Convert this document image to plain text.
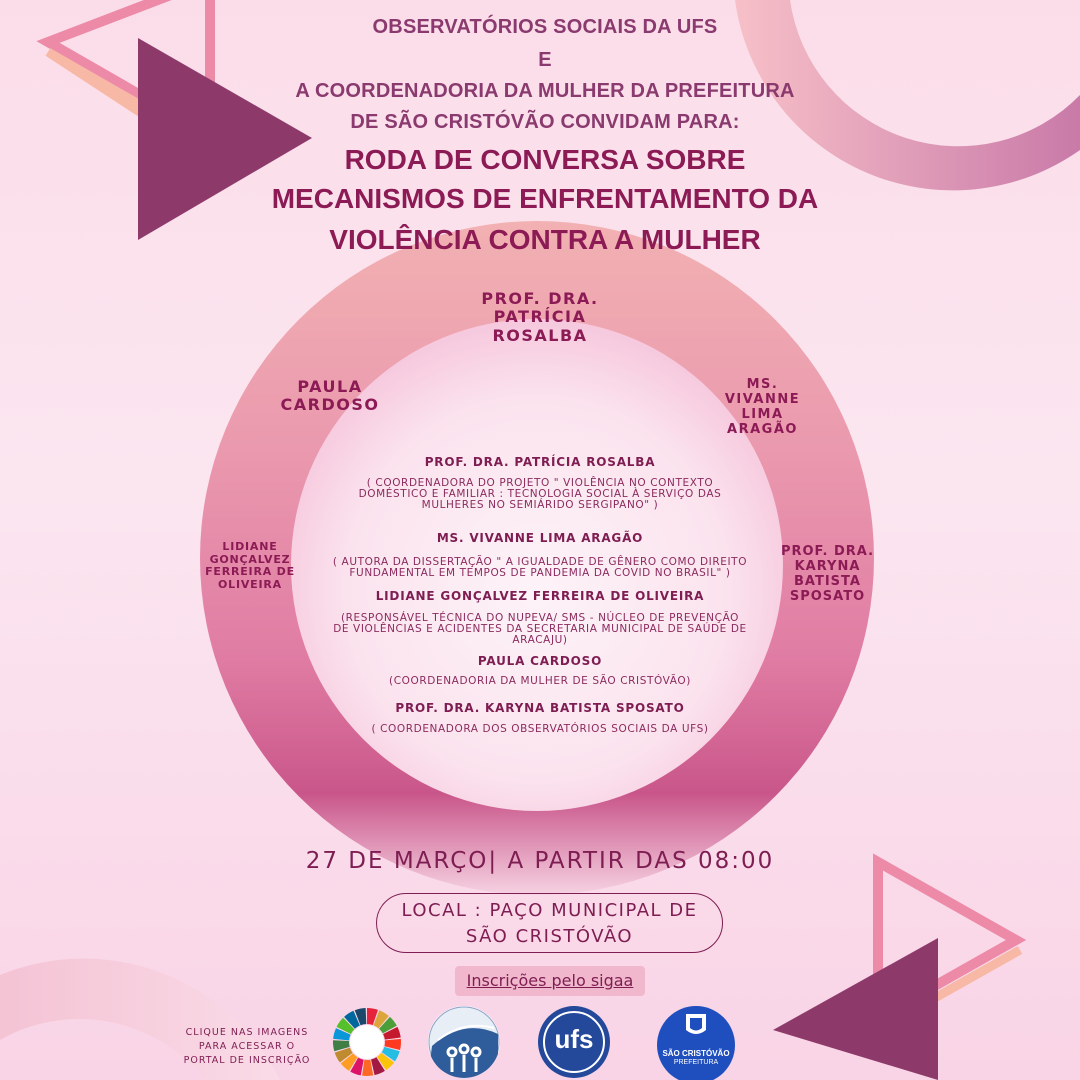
OBSERVATÓRIOS SOCIAIS DA UFS
E
A COORDENADORIA DA MULHER DA PREFEITURA
DE SÃO CRISTÓVÃO CONVIDAM PARA:
RODA DE CONVERSA SOBRE
MECANISMOS DE ENFRENTAMENTO DA
VIOLÊNCIA CONTRA A MULHER
PROF. DRA.
PATRÍCIA
ROSALBA
PAULA
CARDOSO
MS.
VIVANNE
LIMA
ARAGÃO
LIDIANE
GONÇALVEZ
FERREIRA DE
OLIVEIRA
PROF. DRA.
KARYNA
BATISTA
SPOSATO
PROF. DRA. PATRÍCIA ROSALBA
( COORDENADORA DO PROJETO " VIOLÊNCIA NO CONTEXTO
DOMÉSTICO E FAMILIAR : TECNOLOGIA SOCIAL À SERVIÇO DAS
MULHERES NO SEMIÁRIDO SERGIPANO" )
MS. VIVANNE LIMA ARAGÃO
( AUTORA DA DISSERTAÇÃO " A IGUALDADE DE GÊNERO COMO DIREITO
FUNDAMENTAL EM TEMPOS DE PANDEMIA DA COVID NO BRASIL" )
LIDIANE GONÇALVEZ FERREIRA DE OLIVEIRA
(RESPONSÁVEL TÉCNICA DO NUPEVA/ SMS - NÚCLEO DE PREVENÇÃO
DE VIOLÊNCIAS E ACIDENTES DA SECRETARIA MUNICIPAL DE SAÚDE DE
ARACAJU)
PAULA CARDOSO
(COORDENADORIA DA MULHER DE SÃO CRISTÓVÃO)
PROF. DRA. KARYNA BATISTA SPOSATO
( COORDENADORA DOS OBSERVATÓRIOS SOCIAIS DA UFS)
27 DE MARÇO| A PARTIR DAS 08:00
LOCAL : PAÇO MUNICIPAL DE
SÃO CRISTÓVÃO
Inscrições pelo sigaa
CLIQUE NAS IMAGENS
PARA ACESSAR O
PORTAL DE INSCRIÇÃO
ufs	SÃO CRISTÓVÃO
PREFEITURA
